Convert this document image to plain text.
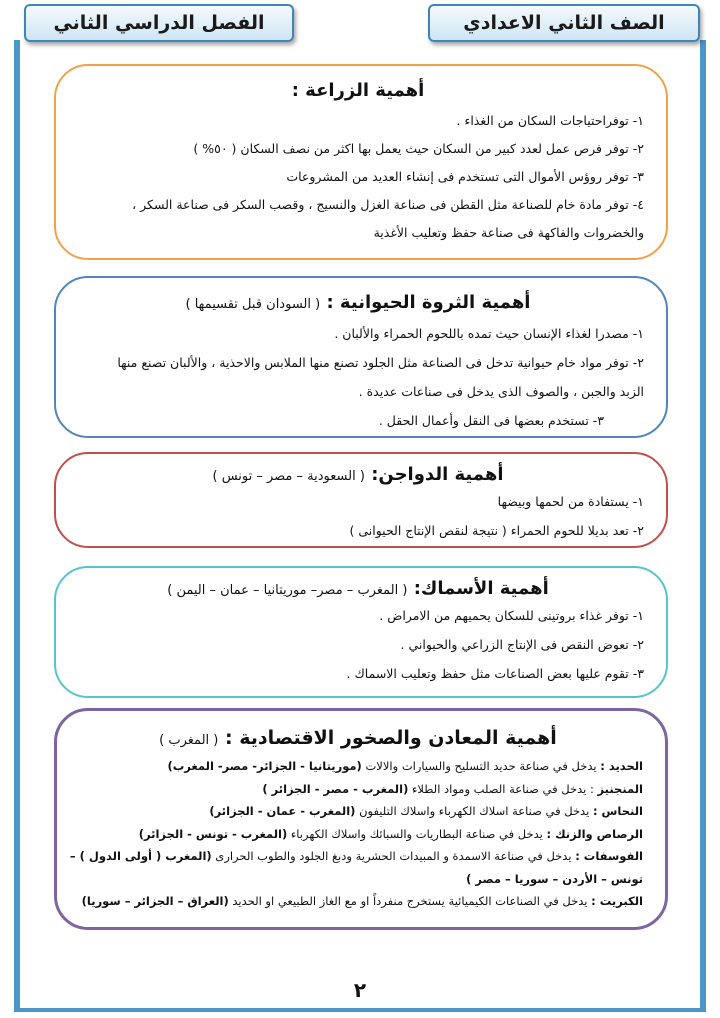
الصف الثاني الاعدادي
الفصل الدراسي الثاني
أهمية الزراعة :
١- توفراحتياجات السكان من الغذاء .
٢- توفر فرص عمل لعدد كبير من السكان حيث يعمل بها اكثر من نصف السكان ( ٥٠% )
٣- توفر روؤس الأموال التى تستخدم فى إنشاء العديد من المشروعات
٤- توفر مادة خام للصناعة مثل القطن فى صناعة الغزل والنسيج ، وقصب السكر فى صناعة السكر ،
والخضروات والفاكهة فى صناعة حفظ وتعليب الأغذية
أهمية الثروة الحيوانية : ( السودان قبل تقسيمها )
١- مصدرا لغذاء الإنسان حيث تمده باللحوم الحمراء والألبان .
٢- توفر مواد خام حيوانية تدخل فى الصناعة مثل الجلود تصنع منها الملابس والاحذية ، والألبان تصنع منها
الزبد والجبن ، والصوف الذى يدخل فى صناعات عديدة .
٣- تستخدم بعضها فى النقل وأعمال الحقل .
أهمية الدواجن: ( السعودية – مصر – تونس )
١- يستفادة من لحمها وبيضها
٢- تعد بديلا للحوم الحمراء ( نتيجة لنقص الإنتاج الحيوانى )
أهمية الأسماك: ( المغرب – مصر– موريتانيا – عمان – اليمن )
١- توفر غذاء بروتينى للسكان يحميهم من الامراض .
٢- تعوض النقص فى الإنتاج الزراعي والحيواني .
٣- تقوم عليها بعض الصناعات مثل حفظ وتعليب الاسماك .
أهمية المعادن والصخور الاقتصادية : ( المغرب )
الحديد : يدخل في صناعة حديد التسليح والسيارات والالات (موريتانيا - الجزائر- مصر- المغرب)
المنجنيز : يدخل في صناعة الصلب ومواد الطلاء (المغرب - مصر - الجزائر )
النحاس : يدخل في صناعة اسلاك الكهرباء واسلاك التليفون (المغرب - عمان - الجزائر)
الرصاص والزنك : يدخل في صناعة البطاريات والسبائك واسلاك الكهرباء (المغرب - تونس - الجزائر)
الفوسفات : يدخل في صناعة الاسمدة و المبيدات الحشرية ودبغ الجلود والطوب الحرارى (المغرب ( أولى الدول ) –
تونس – الأردن – سوريا – مصر )
الكبريت : يدخل في الصناعات الكيميائية يستخرج منفرداً او مع الغاز الطبيعي او الحديد (العراق – الجزائر – سوريا)
٢
